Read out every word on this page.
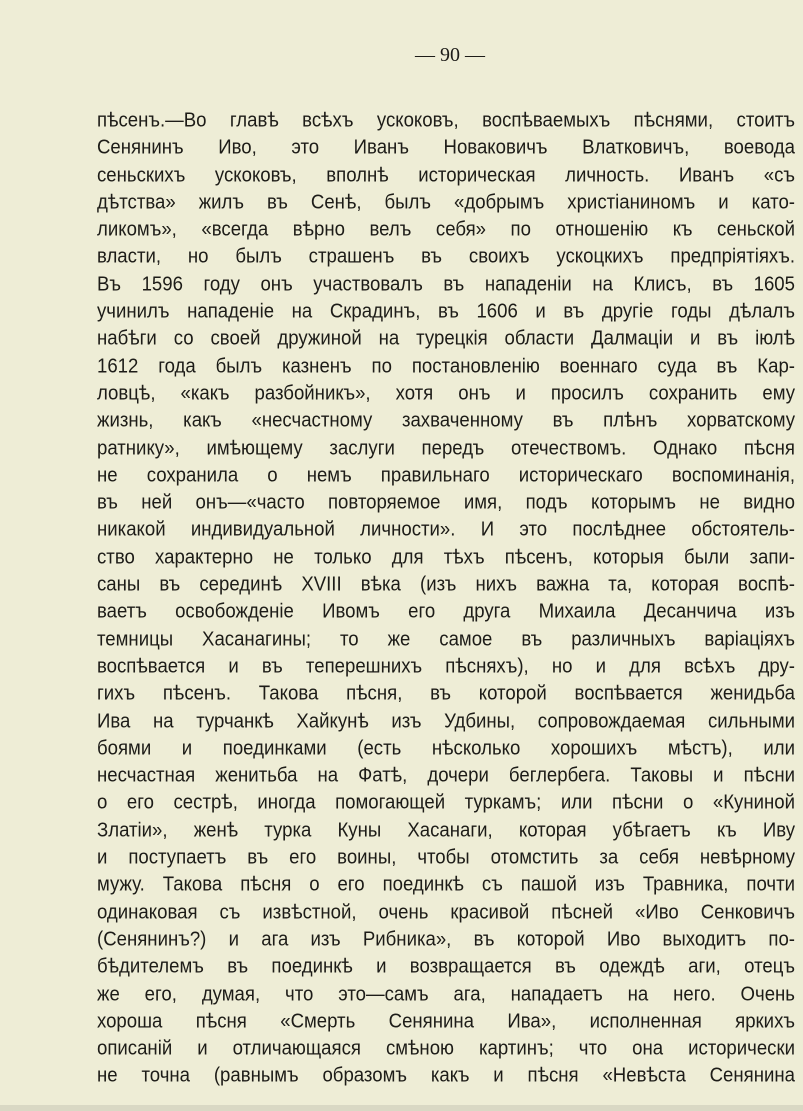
— 90 —
пѣсенъ.—Во главѣ всѣхъ ускоковъ, воспѣваемыхъ пѣснями, стоитъ
Сенянинъ Иво, это Иванъ Новаковичъ Влатковичъ, воевода
сеньскихъ ускоковъ, вполнѣ историческая личность. Иванъ «съ
дѣтства» жилъ въ Сенѣ, былъ «добрымъ христіаниномъ и като-
ликомъ», «всегда вѣрно велъ себя» по отношенію къ сеньской
власти, но былъ страшенъ въ своихъ ускоцкихъ предпріятіяхъ.
Въ 1596 году онъ участвовалъ въ нападеніи на Клисъ, въ 1605
учинилъ нападеніе на Скрадинъ, въ 1606 и въ другіе годы дѣлалъ
набѣги со своей дружиной на турецкія области Далмаціи и въ іюлѣ
1612 года былъ казненъ по постановленію военнаго суда въ Кар-
ловцѣ, «какъ разбойникъ», хотя онъ и просилъ сохранить ему
жизнь, какъ «несчастному захваченному въ плѣнъ хорватскому
ратнику», имѣющему заслуги передъ отечествомъ. Однако пѣсня
не сохранила о немъ правильнаго историческаго воспоминанія,
въ ней онъ—«часто повторяемое имя, подъ которымъ не видно
никакой индивидуальной личности». И это послѣднее обстоятель-
ство характерно не только для тѣхъ пѣсенъ, которыя были запи-
саны въ серединѣ XVIII вѣка (изъ нихъ важна та, которая воспѣ-
ваетъ освобожденіе Ивомъ его друга Михаила Десанчича изъ
темницы Хасанагины; то же самое въ различныхъ варіаціяхъ
воспѣвается и въ теперешнихъ пѣсняхъ), но и для всѣхъ дру-
гихъ пѣсенъ. Такова пѣсня, въ которой воспѣвается женидьба
Ива на турчанкѣ Хайкунѣ изъ Удбины, сопровождаемая сильными
боями и поединками (есть нѣсколько хорошихъ мѣстъ), или
несчастная женитьба на Фатѣ, дочери беглербега. Таковы и пѣсни
о его сестрѣ, иногда помогающей туркамъ; или пѣсни о «Куниной
Златіи», женѣ турка Куны Хасанаги, которая убѣгаетъ къ Иву
и поступаетъ въ его воины, чтобы отомстить за себя невѣрному
мужу. Такова пѣсня о его поединкѣ съ пашой изъ Травника, почти
одинаковая съ извѣстной, очень красивой пѣсней «Иво Сенковичъ
(Сенянинъ?) и ага изъ Рибника», въ которой Иво выходитъ по-
бѣдителемъ въ поединкѣ и возвращается въ одеждѣ аги, отецъ
же его, думая, что это—самъ ага, нападаетъ на него. Очень
хороша пѣсня «Смерть Сенянина Ива», исполненная яркихъ
описаній и отличающаяся смѣною картинъ; что она исторически
не точна (равнымъ образомъ какъ и пѣсня «Невѣста Сенянина
